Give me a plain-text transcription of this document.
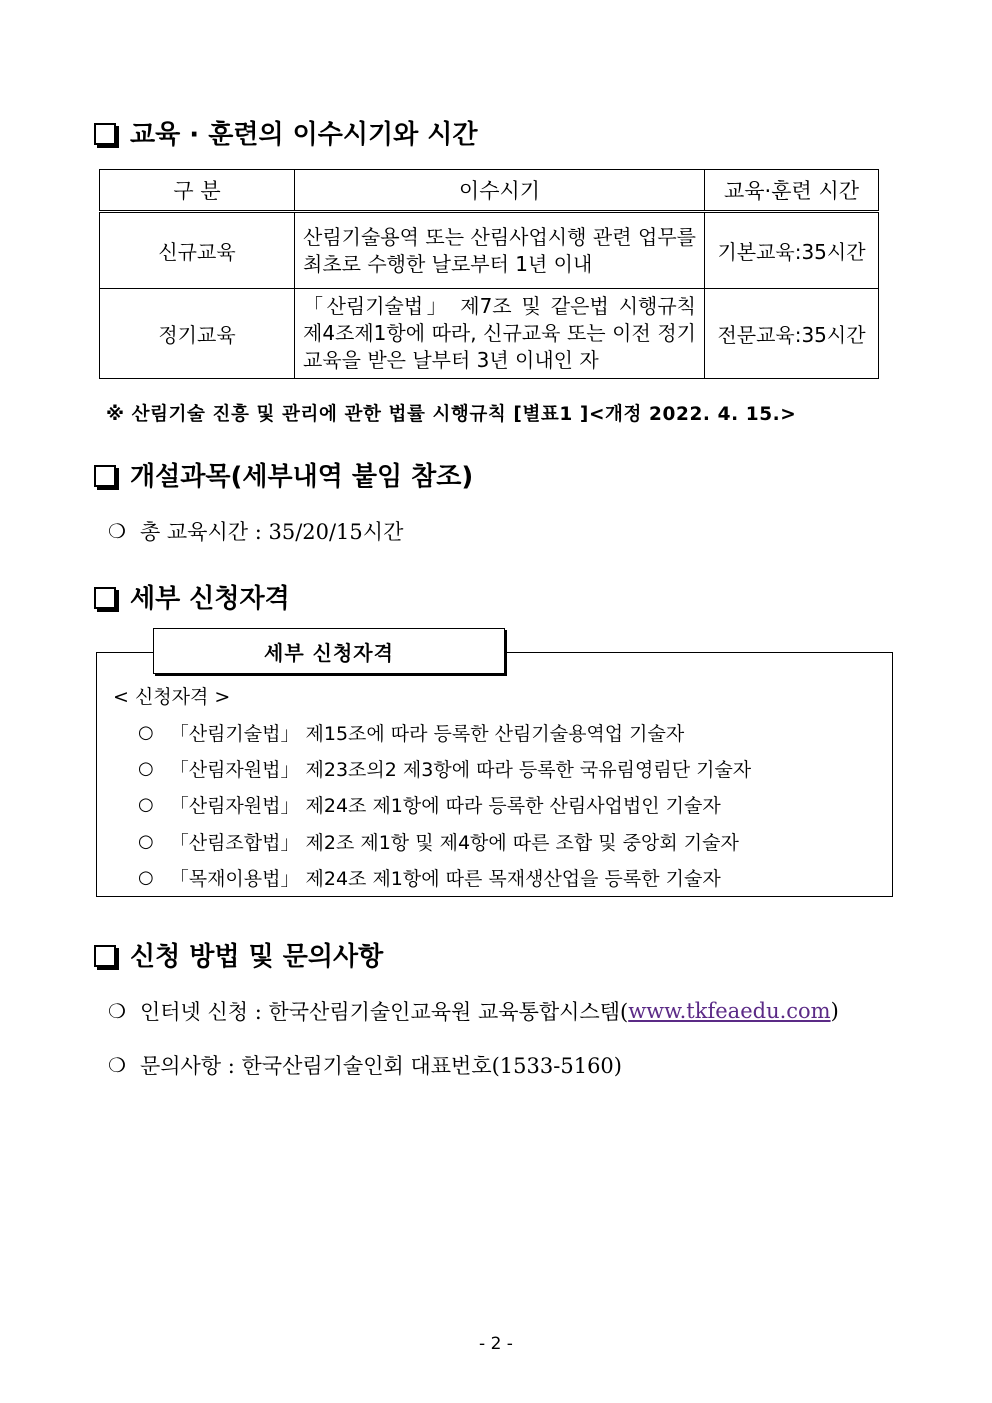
교육 · 훈련의 이수시기와 시간
구 분	이수시기	교육·훈련 시간
신규교육	산림기술용역 또는 산림사업시행 관련 업무를 최초로 수행한 날로부터 1년 이내	기본교육:35시간
정기교육	「산림기술법」 제7조 및 같은법 시행규칙 제4조제1항에 따라, 신규교육 또는 이전 정기교육을 받은 날부터 3년 이내인 자	전문교육:35시간
※ 산림기술 진흥 및 관리에 관한 법률 시행규칙 [별표1 ]<개정 2022. 4. 15.>
개설과목(세부내역 붙임 참조)
❍ 총 교육시간 : 35/20/15시간
세부 신청자격
세부 신청자격
< 신청자격 >
○ 「산림기술법」 제15조에 따라 등록한 산림기술용역업 기술자
○ 「산림자원법」 제23조의2 제3항에 따라 등록한 국유림영림단 기술자
○ 「산림자원법」 제24조 제1항에 따라 등록한 산림사업법인 기술자
○ 「산림조합법」 제2조 제1항 및 제4항에 따른 조합 및 중앙회 기술자
○ 「목재이용법」 제24조 제1항에 따른 목재생산업을 등록한 기술자
신청 방법 및 문의사항
❍ 인터넷 신청 : 한국산림기술인교육원 교육통합시스템( www.tkfeaedu.com )
❍ 문의사항 : 한국산림기술인회 대표번호(1533-5160)
- 2 -
